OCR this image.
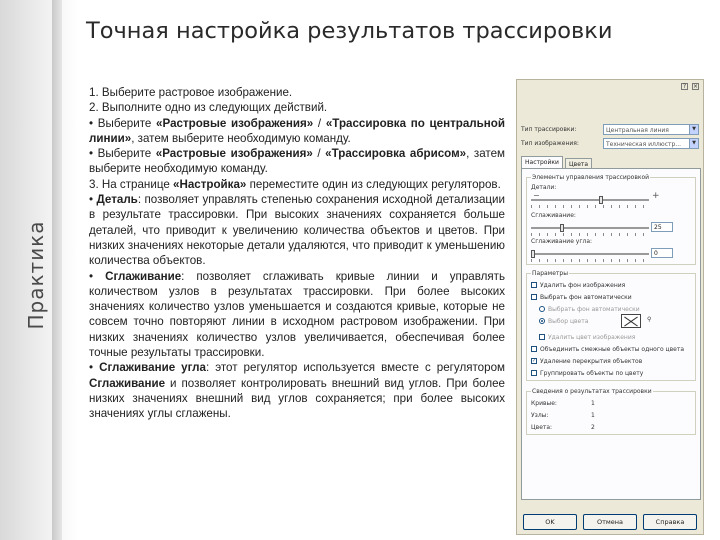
Практика
Точная настройка результатов трассировки

1. Выберите растровое изображение.

2. Выполните одно из следующих действий.

• Выберите «Растровые изображения» / «Трассировка по центральной линии», затем выберите необходимую команду.

• Выберите «Растровые изображения» / «Трассировка абрисом», затем выберите необходимую команду.

3. На странице «Настройка» переместите один из следующих регуляторов.

• Деталь: позволяет управлять степенью сохранения исходной детализации в результате трассировки. При высоких значениях сохраняется больше деталей, что приводит к увеличению количества объектов и цветов. При низких значениях некоторые детали удаляются, что приводит к уменьшению количества объектов.

• Сглаживание: позволяет сглаживать кривые линии и управлять количеством узлов в результатах трассировки. При более высоких значениях количество узлов уменьшается и создаются кривые, которые не совсем точно повторяют линии в исходном растровом изображении. При низких значениях количество узлов увеличивается, обеспечивая более точные результаты трассировки.

• Сглаживание угла: этот регулятор используется вместе с регулятором Сглаживание и позволяет контролировать внешний вид углов. При более низких значениях внешний вид углов сохраняется; при более высоких значениях углы сглажены.

?	×
Тип трассировки:	Центральная линия	▼
Тип изображения:	Техническая иллюстр...	▼
Настройки	Цвета
Элементы управления трассировкой
Детали:
−	+
Сглаживание:
25
Сглаживание угла:
0
Параметры
Удалить фон изображения
Выбрать фон автоматически
Выбрать фон автоматически
Выбор цвета	⚲
Удалить цвет изображения
Объединить смежные объекты одного цвета
✓ Удаление перекрытия объектов
Группировать объекты по цвету
Сведения о результатах трассировки
Кривые:	1
Узлы:	1
Цвета:	2
OK	Отмена	Справка
